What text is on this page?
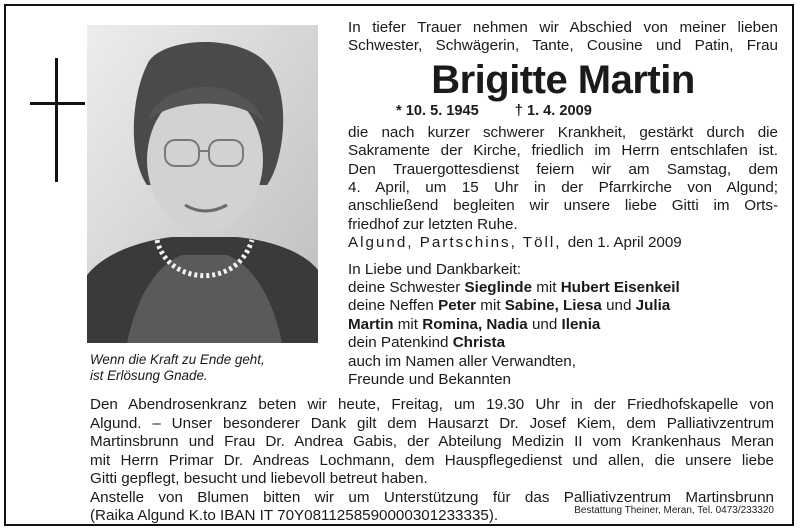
Wenn die Kraft zu Ende geht,
ist Erlösung Gnade.
In tiefer Trauer nehmen wir Abschied von meiner lieben
Schwester, Schwägerin, Tante, Cousine und Patin, Frau
Brigitte Martin
* 10. 5. 1945 † 1. 4. 2009
die nach kurzer schwerer Krankheit, gestärkt durch die
Sakramente der Kirche, friedlich im Herrn entschlafen ist.
Den Trauergottesdienst feiern wir am Samstag, dem
4. April, um 15 Uhr in der Pfarrkirche von Algund;
anschließend begleiten wir unsere liebe Gitti im Orts-
friedhof zur letzten Ruhe.
Algund, Partschins, Töll, den 1. April 2009
In Liebe und Dankbarkeit:
deine Schwester Sieglinde mit Hubert Eisenkeil
deine Neffen Peter mit Sabine, Liesa und Julia
Martin mit Romina, Nadia und Ilenia
dein Patenkind Christa
auch im Namen aller Verwandten,
Freunde und Bekannten
Den Abendrosenkranz beten wir heute, Freitag, um 19.30 Uhr in der Friedhofskapelle von
Algund. – Unser besonderer Dank gilt dem Hausarzt Dr. Josef Kiem, dem Palliativzentrum
Martinsbrunn und Frau Dr. Andrea Gabis, der Abteilung Medizin II vom Krankenhaus Meran
mit Herrn Primar Dr. Andreas Lochmann, dem Hauspflegedienst und allen, die unsere liebe
Gitti gepflegt, besucht und liebevoll betreut haben.
Anstelle von Blumen bitten wir um Unterstützung für das Palliativzentrum Martinsbrunn
(Raika Algund K.to IBAN IT 70Y0811258590000301233335).	Bestattung Theiner, Meran, Tel. 0473/233320
